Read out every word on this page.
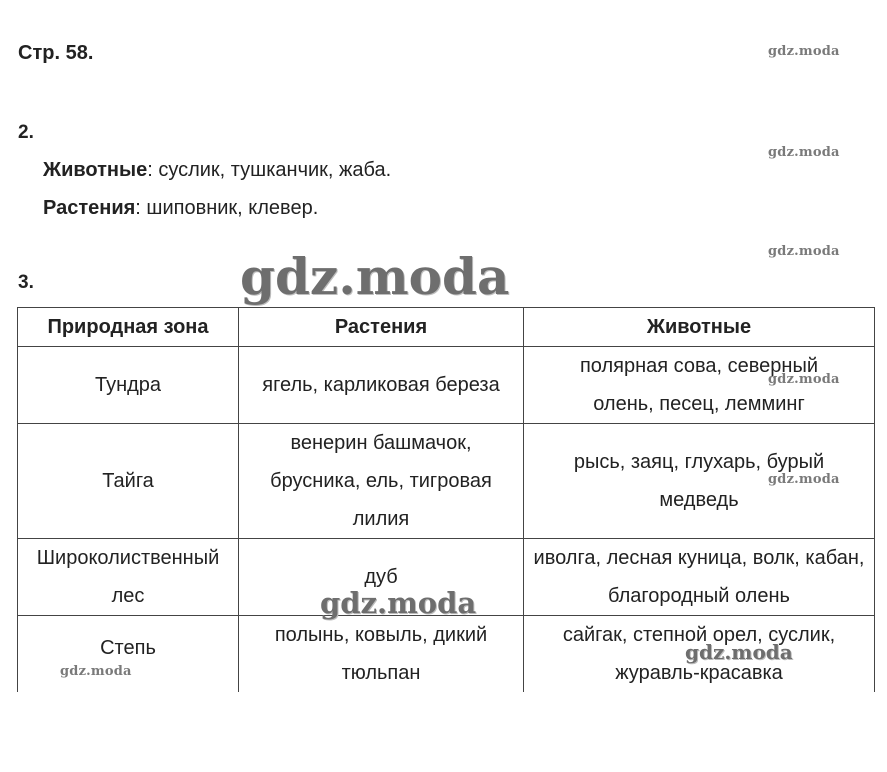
Стр. 58.	gdz.moda
2.
gdz.moda
Животные: суслик, тушканчик, жаба.
Растения: шиповник, клевер.
gdz.moda
gdz.moda
3.
Природная зона	Растения	Животные
Тундра	ягель, карликовая береза	полярная сова, северный олень, песец, лемминг
Тайга	венерин башмачок, брусника, ель, тигровая лилия	рысь, заяц, глухарь, бурый медведь
Широколиственный лес	дуб	иволга, лесная куница, волк, кабан, благородный олень
Степь	полынь, ковыль, дикий тюльпан	сайгак, степной орел, суслик, журавль-красавка
gdz.moda
gdz.moda
gdz.moda
gdz.moda
gdz.moda
